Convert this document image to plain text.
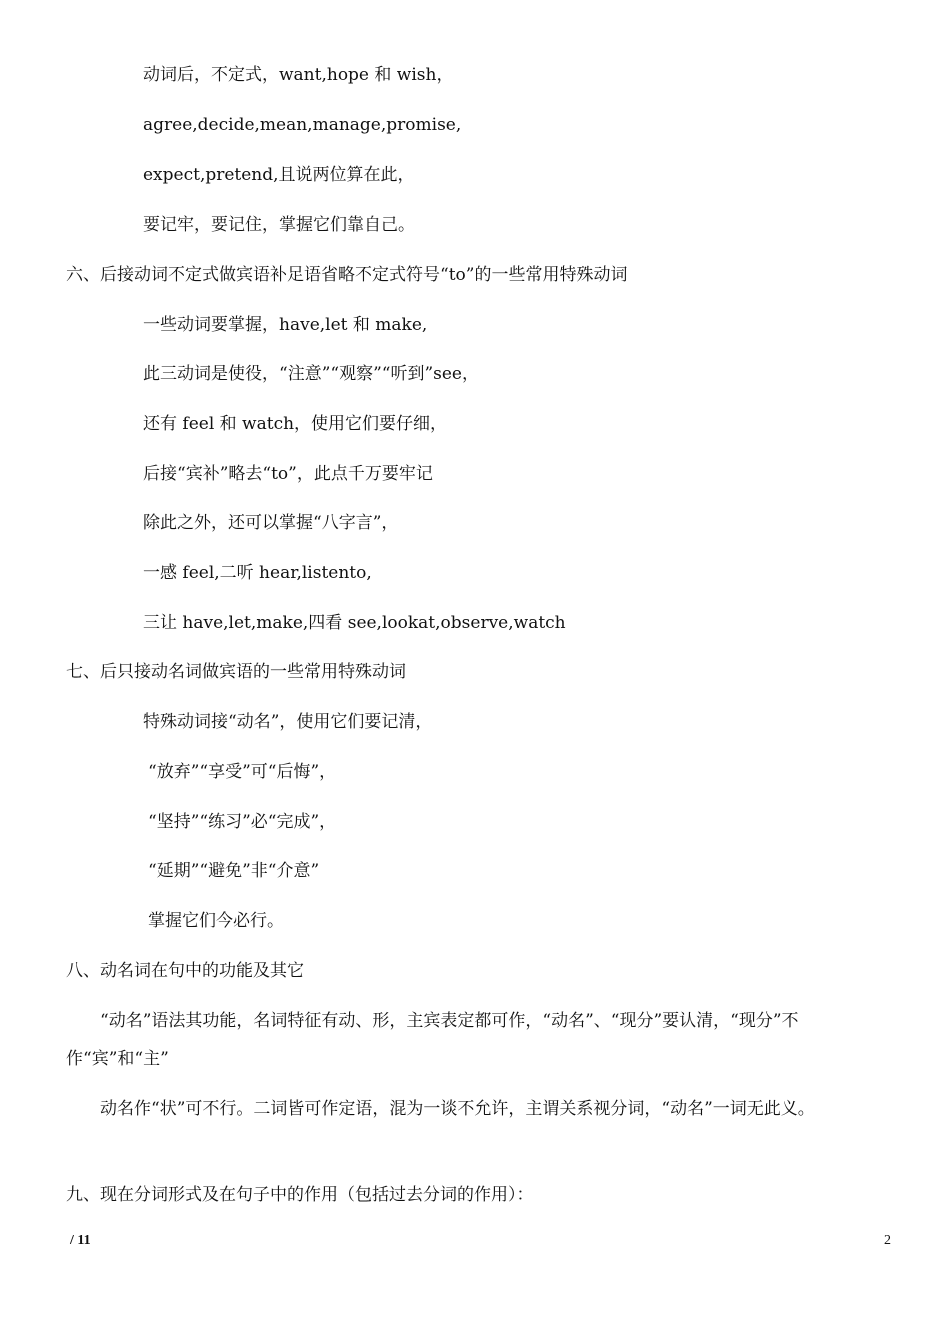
动词后，不定式，want,hope 和 wish，
agree,decide,mean,manage,promise,
expect,pretend,且说两位算在此，
要记牢，要记住，掌握它们靠自己。
六、后接动词不定式做宾语补足语省略不定式符号“to”的一些常用特殊动词
一些动词要掌握，have,let 和 make,
此三动词是使役，“注意”“观察”“听到”see，
还有 feel 和 watch，使用它们要仔细，
后接“宾补”略去“to”，此点千万要牢记
除此之外，还可以掌握“八字言”，
一感 feel,二听 hear,listento,
三让 have,let,make,四看 see,lookat,observe,watch
七、后只接动名词做宾语的一些常用特殊动词
特殊动词接“动名”，使用它们要记清，
“放弃”“享受”可“后悔”，
“坚持”“练习”必“完成”，
“延期”“避免”非“介意”
掌握它们今必行。
八、动名词在句中的功能及其它
　　“动名”语法其功能，名词特征有动、形，主宾表定都可作，“动名”、“现分”要认清，“现分”不作“宾”和“主”
　　动名作“状”可不行。二词皆可作定语，混为一谈不允许，主谓关系视分词，“动名”一词无此义。
九、现在分词形式及在句子中的作用（包括过去分词的作用）：
/ 11	2
